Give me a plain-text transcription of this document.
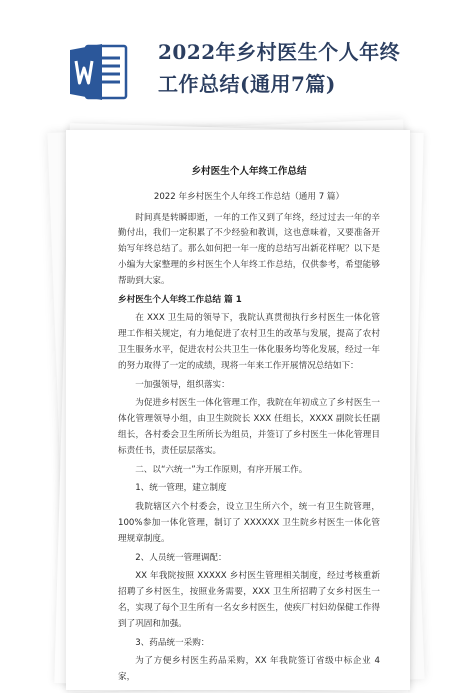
2022年乡村医生个人年终
工作总结(通用7篇)
乡村医生个人年终工作总结
2022 年乡村医生个人年终工作总结（通用 7 篇）
时间真是转瞬即逝，一年的工作又到了年终，经过过去一年的辛勤付出，我们一定积累了不少经验和教训，这也意味着，又要准备开始写年终总结了。那么如何把一年一度的总结写出新花样呢？以下是小编为大家整理的乡村医生个人年终工作总结，仅供参考，希望能够帮助到大家。
乡村医生个人年终工作总结 篇 1
在 XXX 卫生局的领导下，我院认真贯彻执行乡村医生一体化管理工作相关规定，有力地促进了农村卫生的改革与发展，提高了农村卫生服务水平，促进农村公共卫生一体化服务均等化发展，经过一年的努力取得了一定的成绩，现将一年来工作开展情况总结如下：
一加强领导，组织落实：
为促进乡村医生一体化管理工作，我院在年初成立了乡村医生一体化管理领导小组，由卫生院院长 XXX 任组长，XXXX 副院长任副组长，各村委会卫生所所长为组员，并签订了乡村医生一体化管理目标责任书，责任层层落实。
二、以“六统一”为工作原则，有序开展工作。
1、统一管理，建立制度
我院辖区六个村委会，设立卫生所六个，统一有卫生院管理，100%参加一体化管理，制订了 XXXXXX 卫生院乡村医生一体化管理规章制度。
2、人员统一管理调配：
XX 年我院按照 XXXXX 乡村医生管理相关制度，经过考核重新招聘了乡村医生，按照业务需要，XXX 卫生所招聘了女乡村医生一名，实现了每个卫生所有一名女乡村医生，使疾厂村妇幼保健工作得到了巩固和加强。
3、药品统一采购：
为了方便乡村医生药品采购，XX 年我院签订省级中标企业 4 家，
